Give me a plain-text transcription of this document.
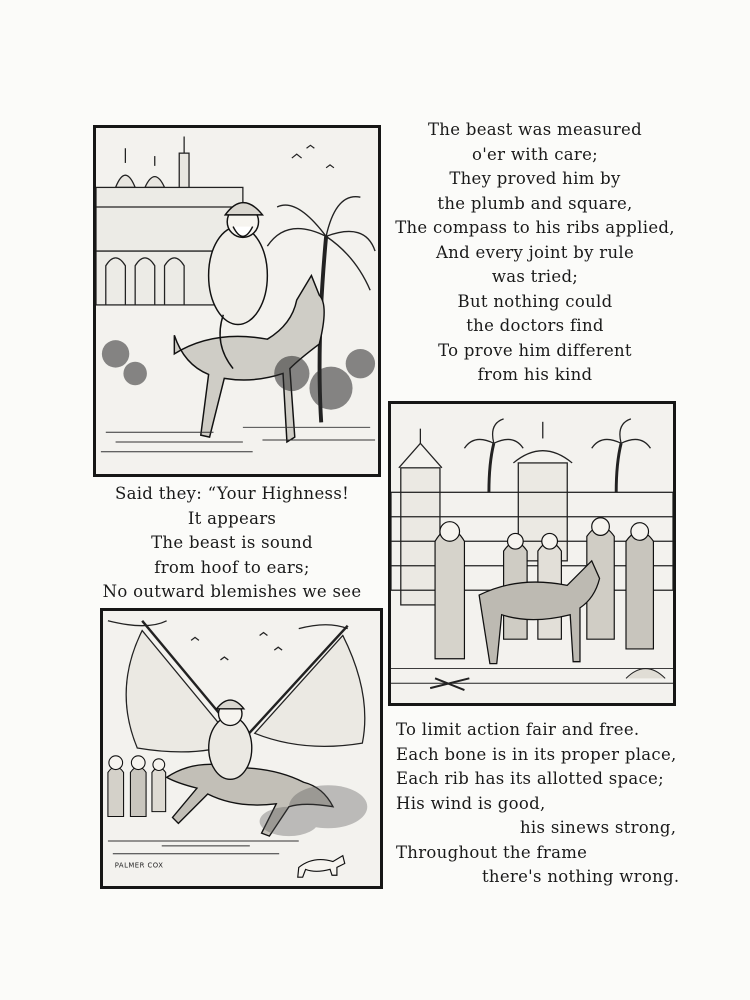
The beast was measured
o'er with care;
They proved him by
the plumb and square,
The compass to his ribs applied,
And every joint by rule
was tried;
But nothing could
the doctors find
To prove him different
from his kind
Said they: “Your Highness!
It appears
The beast is sound
from hoof to ears;
No outward blemishes we see
PALMER COX
To limit action fair and free.
Each bone is in its proper place,
Each rib has its allotted space;
His wind is good,
his sinews strong,
Throughout the frame
there's nothing wrong.
